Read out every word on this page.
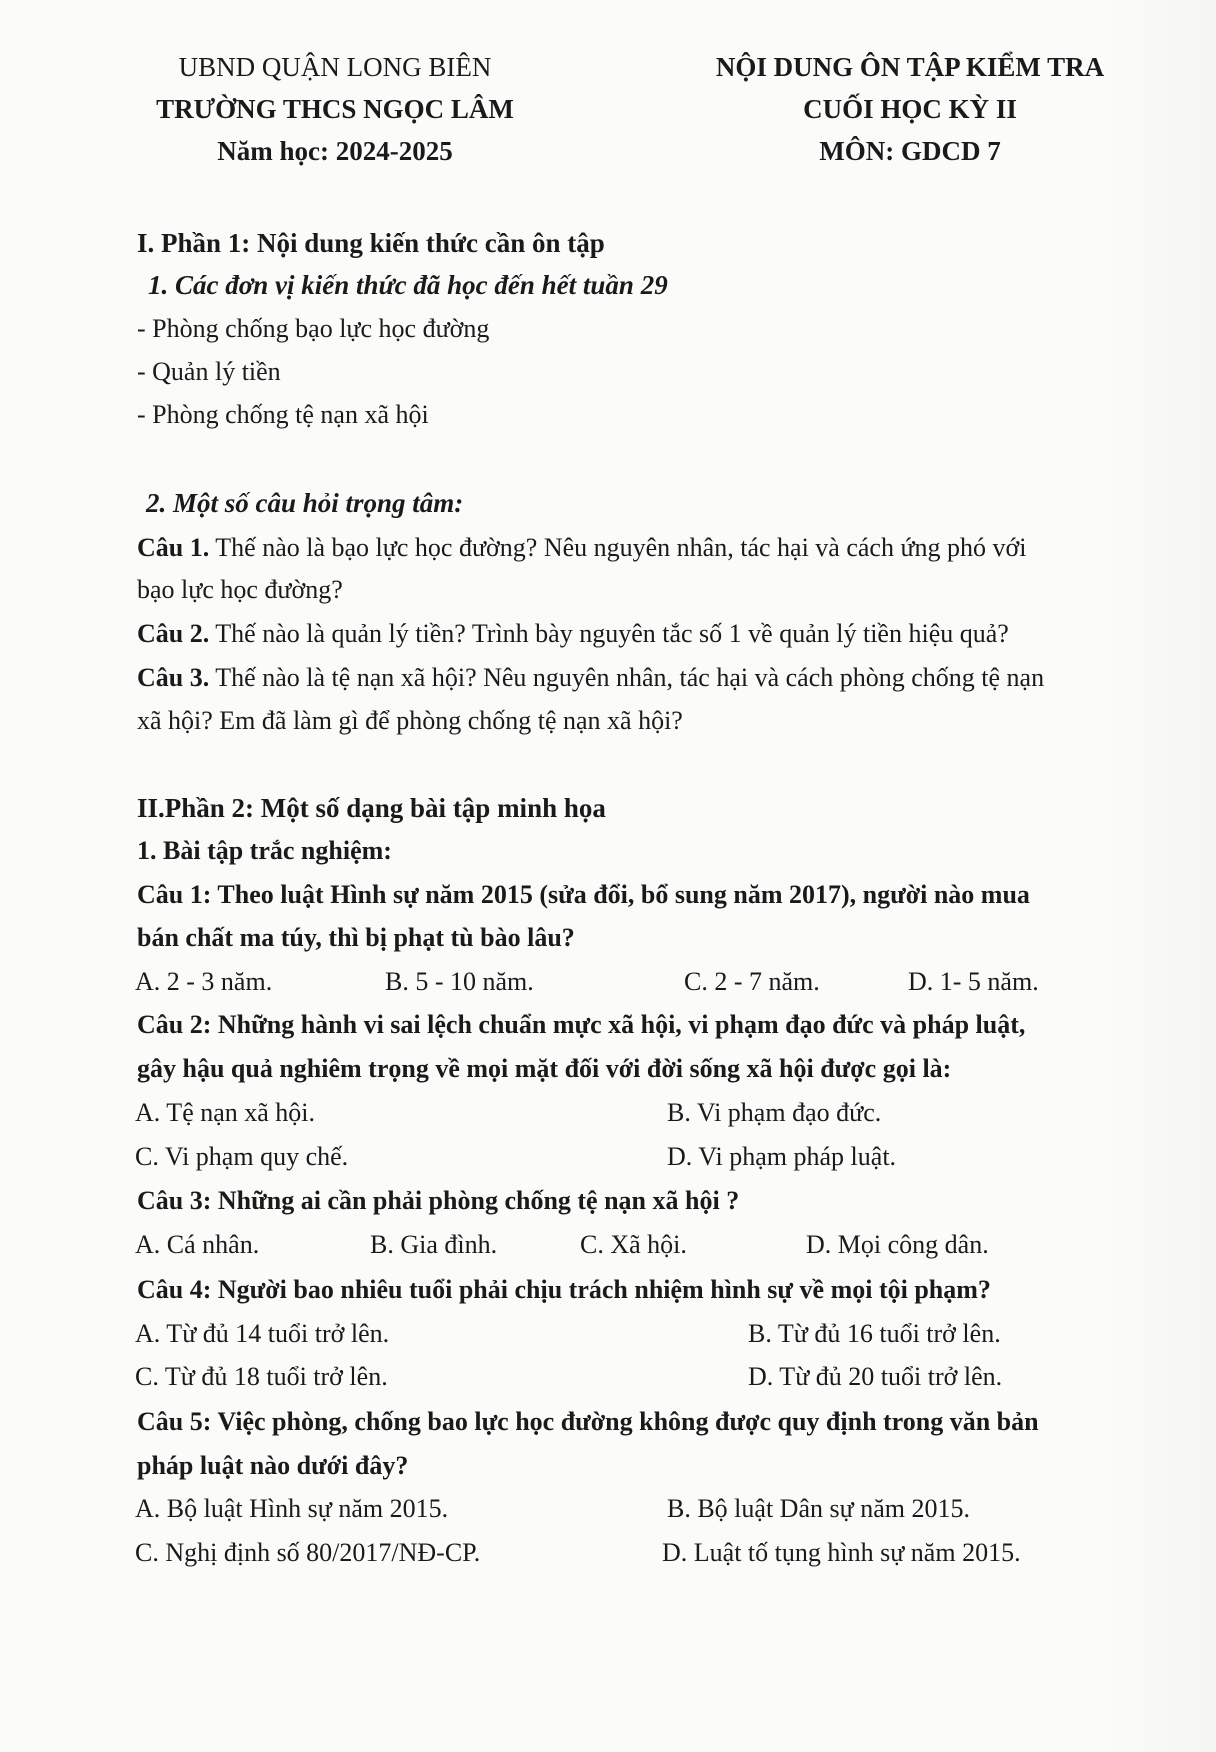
UBND QUẬN LONG BIÊN
TRƯỜNG THCS NGỌC LÂM
Năm học: 2024-2025
NỘI DUNG ÔN TẬP KIỂM TRA
CUỐI HỌC KỲ II
MÔN: GDCD 7
I. Phần 1: Nội dung kiến thức cần ôn tập
1. Các đơn vị kiến thức đã học đến hết tuần 29
- Phòng chống bạo lực học đường
- Quản lý tiền
- Phòng chống tệ nạn xã hội
2. Một số câu hỏi trọng tâm:
Câu 1. Thế nào là bạo lực học đường? Nêu nguyên nhân, tác hại và cách ứng phó với
bạo lực học đường?
Câu 2. Thế nào là quản lý tiền? Trình bày nguyên tắc số 1 về quản lý tiền hiệu quả?
Câu 3. Thế nào là tệ nạn xã hội? Nêu nguyên nhân, tác hại và cách phòng chống tệ nạn
xã hội? Em đã làm gì để phòng chống tệ nạn xã hội?
II.Phần 2: Một số dạng bài tập minh họa
1. Bài tập trắc nghiệm:
Câu 1: Theo luật Hình sự năm 2015 (sửa đổi, bổ sung năm 2017), người nào mua
bán chất ma túy, thì bị phạt tù bào lâu?
A. 2 - 3 năm.	B. 5 - 10 năm.	C. 2 - 7 năm.	D. 1- 5 năm.
Câu 2: Những hành vi sai lệch chuẩn mực xã hội, vi phạm đạo đức và pháp luật,
gây hậu quả nghiêm trọng về mọi mặt đối với đời sống xã hội được gọi là:
A. Tệ nạn xã hội.	B. Vi phạm đạo đức.
C. Vi phạm quy chế.	D. Vi phạm pháp luật.
Câu 3: Những ai cần phải phòng chống tệ nạn xã hội ?
A. Cá nhân.	B. Gia đình.	C. Xã hội.	D. Mọi công dân.
Câu 4: Người bao nhiêu tuổi phải chịu trách nhiệm hình sự về mọi tội phạm?
A. Từ đủ 14 tuổi trở lên.	B. Từ đủ 16 tuổi trở lên.
C. Từ đủ 18 tuổi trở lên.	D. Từ đủ 20 tuổi trở lên.
Câu 5: Việc phòng, chống bao lực học đường không được quy định trong văn bản
pháp luật nào dưới đây?
A. Bộ luật Hình sự năm 2015.	B. Bộ luật Dân sự năm 2015.
C. Nghị định số 80/2017/NĐ-CP.	D. Luật tố tụng hình sự năm 2015.
